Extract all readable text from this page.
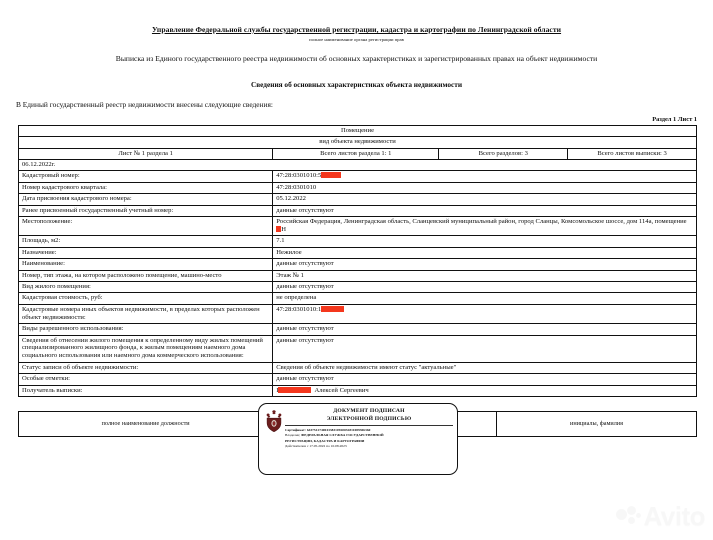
Управление Федеральной службы государственной регистрации, кадастра и картографии по Ленинградской области
полное наименование органа регистрации прав
Выписка из Единого государственного реестра недвижимости об основных характеристиках и зарегистрированных правах на объект недвижимости
Сведения об основных характеристиках объекта недвижимости
В Единый государственный реестр недвижимости внесены следующие сведения:
Раздел 1 Лист 1
Помещение
вид объекта недвижимости
Лист № 1 раздела 1	Всего листов раздела 1: 1	Всего разделов: 3	Всего листов выписки: 3
06.12.2022г.
Кадастровый номер:	47:28:0301010:5
Номер кадастрового квартала:	47:28:0301010
Дата присвоения кадастрового номера:	05.12.2022
Ранее присвоенный государственный учетный номер:	данные отсутствуют
Местоположение:	Российская Федерация, Ленинградская область, Сланцевский муниципальный район, город Сланцы, Комсомольское шоссе, дом 114а, помещение Н
Площадь, м2:	7.1
Назначение:	Нежилое
Наименование:	данные отсутствуют
Номер, тип этажа, на котором расположено помещение, машино-место	Этаж № 1
Вид жилого помещения:	данные отсутствуют
Кадастровая стоимость, руб:	не определена
Кадастровые номера иных объектов недвижимости, в пределах которых расположен объект недвижимости:	47:28:0301010:1
Виды разрешенного использования:	данные отсутствуют
Сведения об отнесении жилого помещения к определенному виду жилых помещений специализированного жилищного фонда, к жилым помещениям наемного дома социального использования или наемного дома коммерческого использования:	данные отсутствуют
Статус записи об объекте недвижимости:	Сведения об объекте недвижимости имеют статус "актуальные"
Особые отметки:	данные отсутствуют
Получатель выписки:	I Алексей Сергеевич
полное наименование должности		инициалы, фамилия
ДОКУМЕНТ ПОДПИСАН
ЭЛЕКТРОННОЙ ПОДПИСЬЮ
Сертификат: 643751274004338310920032811089306360
Владелец: ФЕДЕРАЛЬНАЯ СЛУЖБА ГОСУДАРСТВЕННОЙ
РЕГИСТРАЦИИ, КАДАСТРА И КАРТОГРАФИИ
Действителен с 17.05.2022 по 10.08.2023
Avito
